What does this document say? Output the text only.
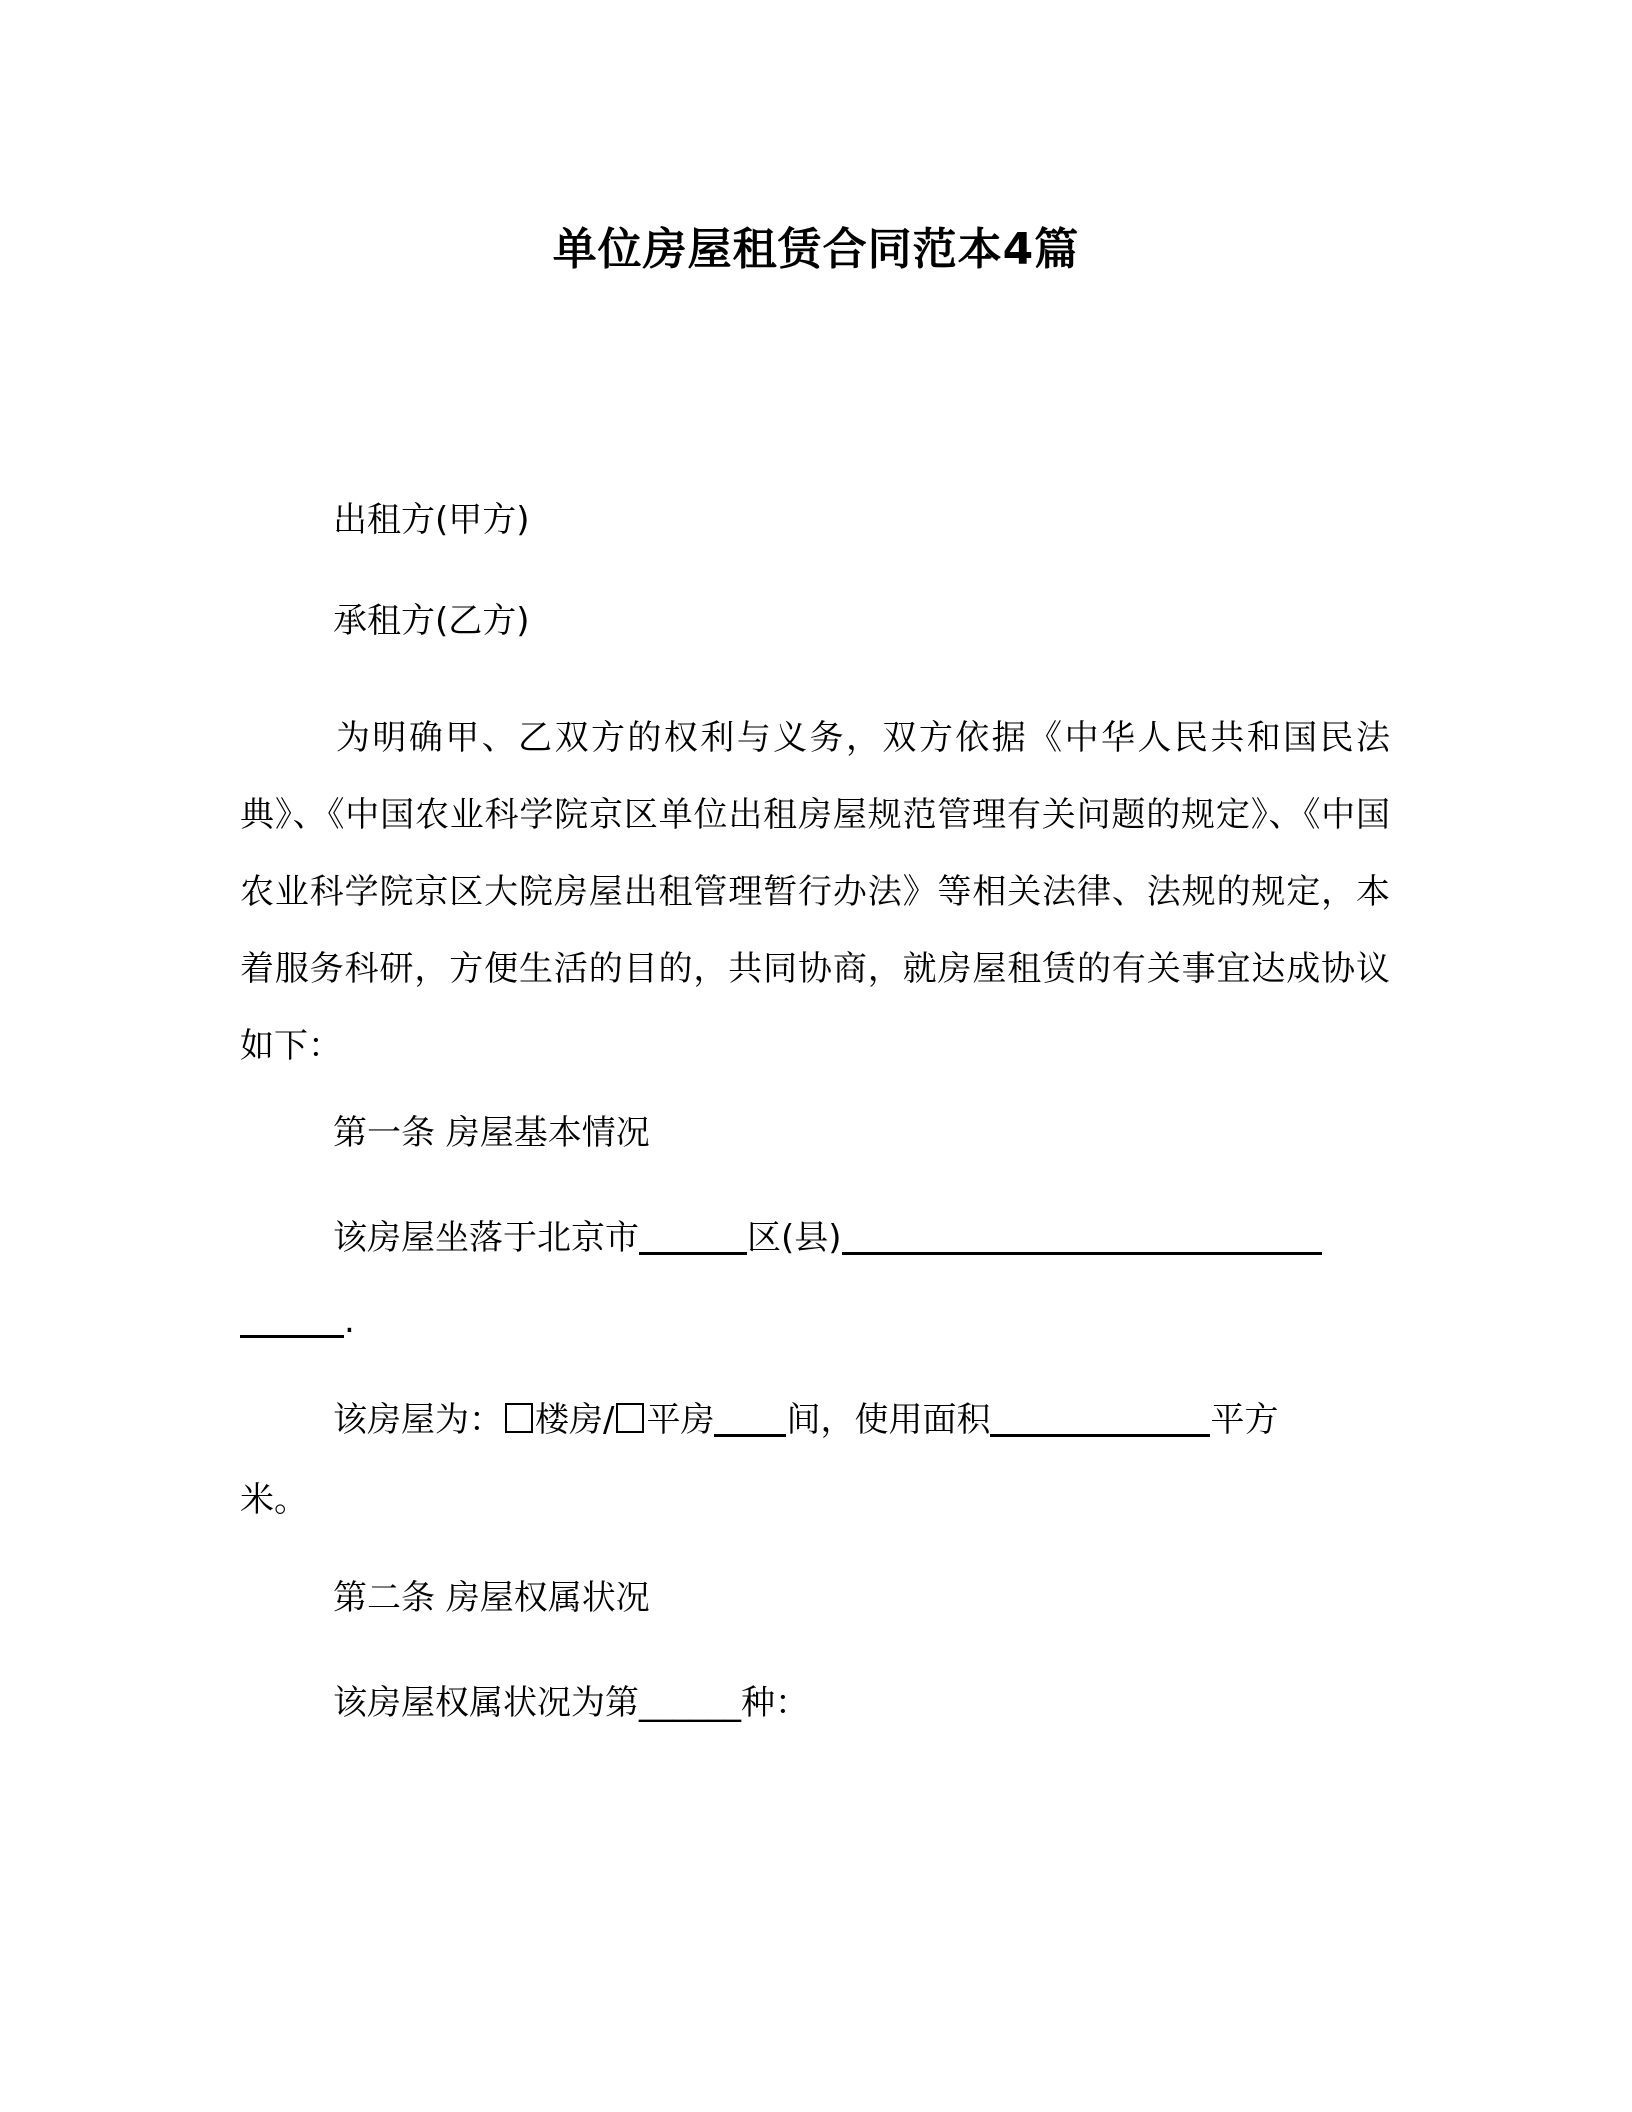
单位房屋租赁合同范本4篇
出租方(甲方)
承租方(乙方)

为明确甲、乙双方的权利与义务，双方依据《中华人民共和国民法典》、《中国农业科学院京区单位出租房屋规范管理有关问题的规定》、《中国农业科学院京区大院房屋出租管理暂行办法》等相关法律、法规的规定，本着服务科研，方便生活的目的，共同协商，就房屋租赁的有关事宜达成协议如下：

第一条 房屋基本情况
该房屋坐落于北京市	区(县)
.
该房屋为： 楼房/ 平房 间，使用面积	平方
米。
第二条 房屋权属状况
该房屋权属状况为第______种：
